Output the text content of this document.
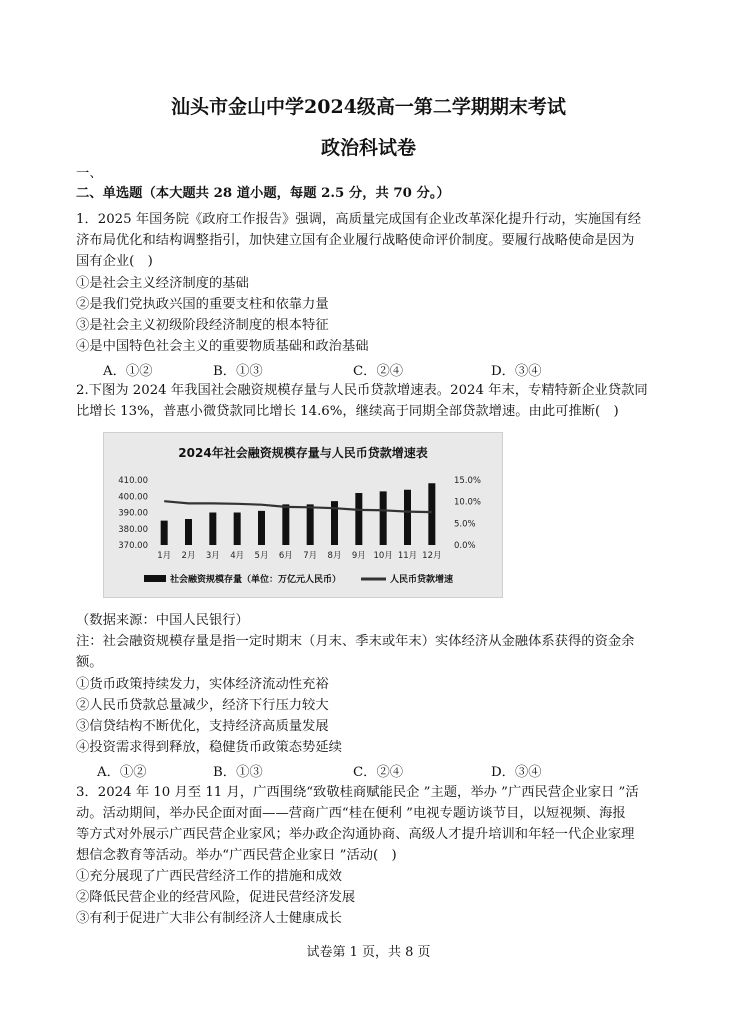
汕头市金山中学2024级高一第二学期期末考试
政治科试卷
一、
二、单选题（本大题共 28 道小题，每题 2.5 分，共 70 分。）
1．2025 年国务院《政府工作报告》强调，高质量完成国有企业改革深化提升行动，实施国有经
济布局优化和结构调整指引，加快建立国有企业履行战略使命评价制度。要履行战略使命是因为
国有企业(　)
①是社会主义经济制度的基础
②是我们党执政兴国的重要支柱和依靠力量
③是社会主义初级阶段经济制度的根本特征
④是中国特色社会主义的重要物质基础和政治基础
A．①②	B．①③	C．②④	D．③④
2.下图为 2024 年我国社会融资规模存量与人民币贷款增速表。2024 年末，专精特新企业贷款同
比增长 13%，普惠小微贷款同比增长 14.6%，继续高于同期全部贷款增速。由此可推断(　)
2024年社会融资规模存量与人民币贷款增速表
410.00
400.00
390.00
380.00
370.00
15.0%
10.0%
5.0%
0.0%
1月 2月 3月 4月 5月 6月 7月 8月 9月 10月 11月 12月
社会融资规模存量（单位：万亿元人民币）	人民币贷款增速
（数据来源：中国人民银行）
注：社会融资规模存量是指一定时期末（月末、季末或年末）实体经济从金融体系获得的资金余
额。
①货币政策持续发力，实体经济流动性充裕
②人民币贷款总量减少，经济下行压力较大
③信贷结构不断优化，支持经济高质量发展
④投资需求得到释放，稳健货币政策态势延续
A．①②	B．①③	C．②④	D．③④
3．2024 年 10 月至 11 月，广西围绕“致敬桂商赋能民企 ”主题，举办 ”广西民营企业家日 ”活
动。活动期间，举办民企面对面——营商广西“桂在便利 ”电视专题访谈节目，以短视频、海报
等方式对外展示广西民营企业家风；举办政企沟通协商、高级人才提升培训和年轻一代企业家理
想信念教育等活动。举办“广西民营企业家日 ”活动(　)
①充分展现了广西民营经济工作的措施和成效
②降低民营企业的经营风险，促进民营经济发展
③有利于促进广大非公有制经济人士健康成长
试卷第 1 页，共 8 页
